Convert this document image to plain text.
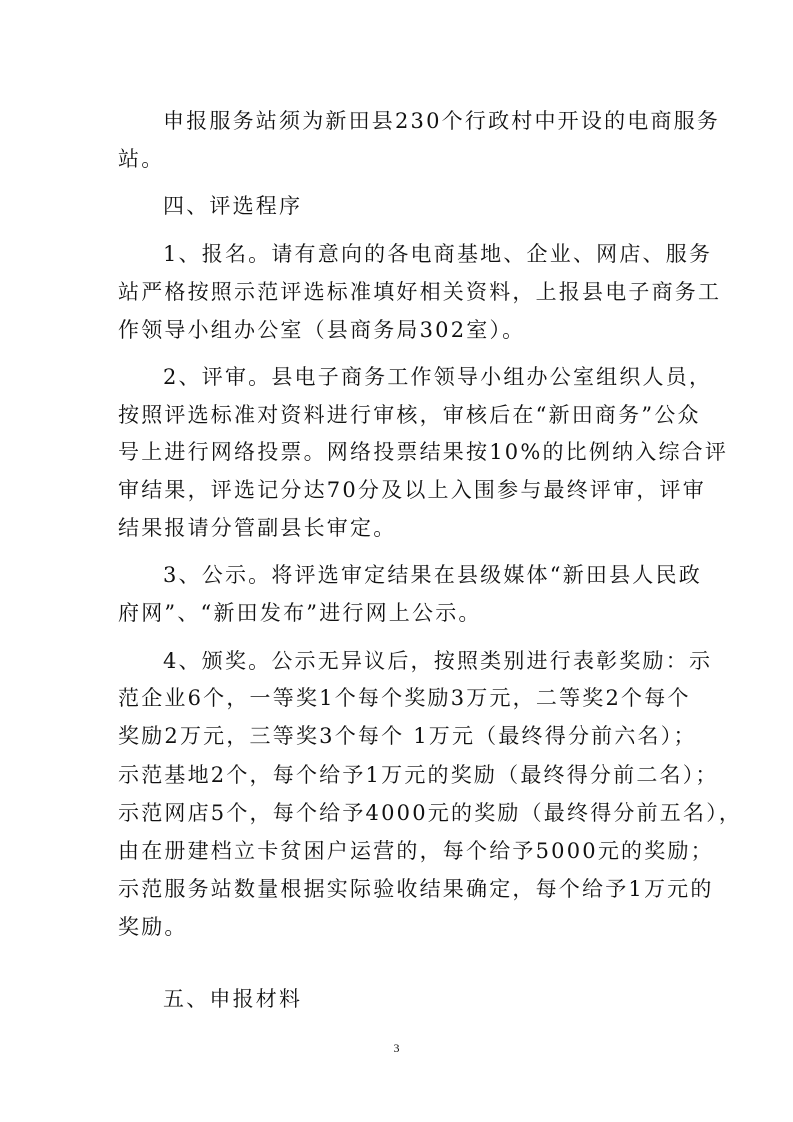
申报服务站须为新田县230个行政村中开设的电商服务
站。
四、评选程序
1、报名。请有意向的各电商基地、企业、网店、服务
站严格按照示范评选标准填好相关资料，上报县电子商务工
作领导小组办公室（县商务局302室）。
2、评审。县电子商务工作领导小组办公室组织人员，
按照评选标准对资料进行审核，审核后在“新田商务”公众
号上进行网络投票。网络投票结果按10%的比例纳入综合评
审结果，评选记分达70分及以上入围参与最终评审，评审
结果报请分管副县长审定。
3、公示。将评选审定结果在县级媒体“新田县人民政
府网”、“新田发布”进行网上公示。
4、颁奖。公示无异议后，按照类别进行表彰奖励：示
范企业6个，一等奖1个每个奖励3万元，二等奖2个每个
奖励2万元，三等奖3个每个 1万元（最终得分前六名）；
示范基地2个，每个给予1万元的奖励（最终得分前二名）；
示范网店5个，每个给予4000元的奖励（最终得分前五名），
由在册建档立卡贫困户运营的，每个给予5000元的奖励；
示范服务站数量根据实际验收结果确定，每个给予1万元的
奖励。
五、申报材料
3
